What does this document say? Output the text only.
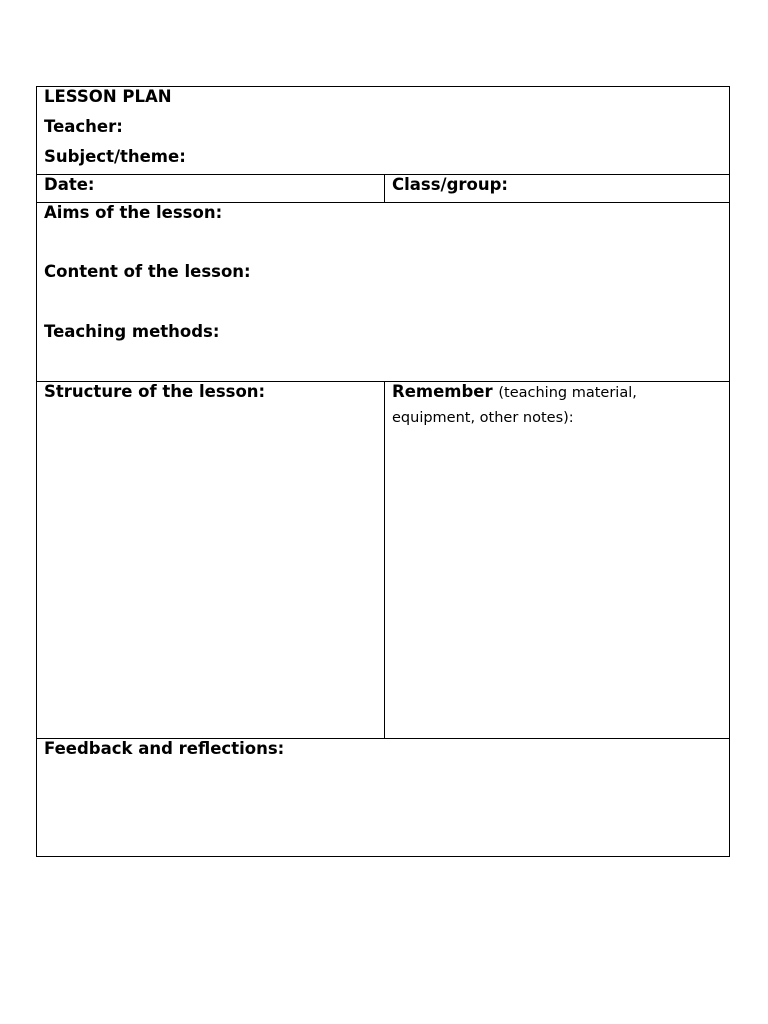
LESSON PLAN
Teacher:
Subject/theme:
Date:	Class/group:
Aims of the lesson:
Content of the lesson:
Teaching methods:
Structure of the lesson:	Remember (teaching material,
equipment, other notes):
Feedback and reflections:
